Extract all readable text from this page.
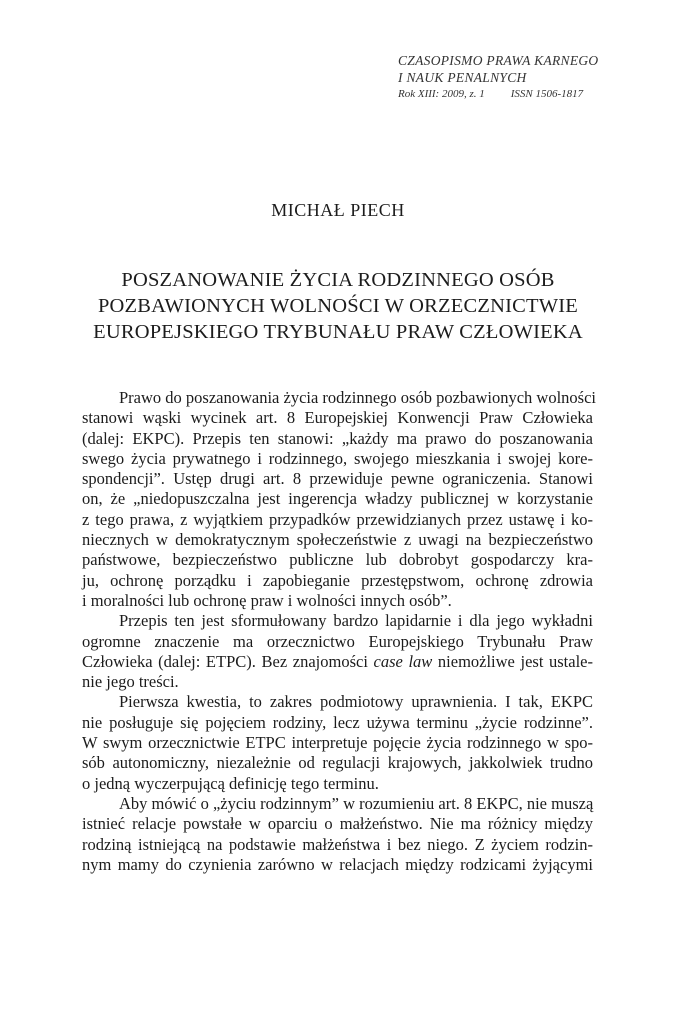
CZASOPISMO PRAWA KARNEGO
I NAUK PENALNYCH
Rok XIII: 2009, z. 1 ISSN 1506-1817
MICHAŁ PIECH
POSZANOWANIE ŻYCIA RODZINNEGO OSÓB
POZBAWIONYCH WOLNOŚCI W ORZECZNICTWIE
EUROPEJSKIEGO TRYBUNAŁU PRAW CZŁOWIEKA
Prawo do poszanowania życia rodzinnego osób pozbawionych wolności
stanowi wąski wycinek art. 8 Europejskiej Konwencji Praw Człowieka
(dalej: EKPC). Przepis ten stanowi: „każdy ma prawo do poszanowania
swego życia prywatnego i rodzinnego, swojego mieszkania i swojej kore-
spondencji”. Ustęp drugi art. 8 przewiduje pewne ograniczenia. Stanowi
on, że „niedopuszczalna jest ingerencja władzy publicznej w korzystanie
z tego prawa, z wyjątkiem przypadków przewidzianych przez ustawę i ko-
niecznych w demokratycznym społeczeństwie z uwagi na bezpieczeństwo
państwowe, bezpieczeństwo publiczne lub dobrobyt gospodarczy kra-
ju, ochronę porządku i zapobieganie przestępstwom, ochronę zdrowia
i moralności lub ochronę praw i wolności innych osób”.
Przepis ten jest sformułowany bardzo lapidarnie i dla jego wykładni
ogromne znaczenie ma orzecznictwo Europejskiego Trybunału Praw
Człowieka (dalej: ETPC). Bez znajomości case law niemożliwe jest ustale-
nie jego treści.
Pierwsza kwestia, to zakres podmiotowy uprawnienia. I tak, EKPC
nie posługuje się pojęciem rodziny, lecz używa terminu „życie rodzinne”.
W swym orzecznictwie ETPC interpretuje pojęcie życia rodzinnego w spo-
sób autonomiczny, niezależnie od regulacji krajowych, jakkolwiek trudno
o jedną wyczerpującą definicję tego terminu.
Aby mówić o „życiu rodzinnym” w rozumieniu art. 8 EKPC, nie muszą
istnieć relacje powstałe w oparciu o małżeństwo. Nie ma różnicy między
rodziną istniejącą na podstawie małżeństwa i bez niego. Z życiem rodzin-
nym mamy do czynienia zarówno w relacjach między rodzicami żyjącymi
